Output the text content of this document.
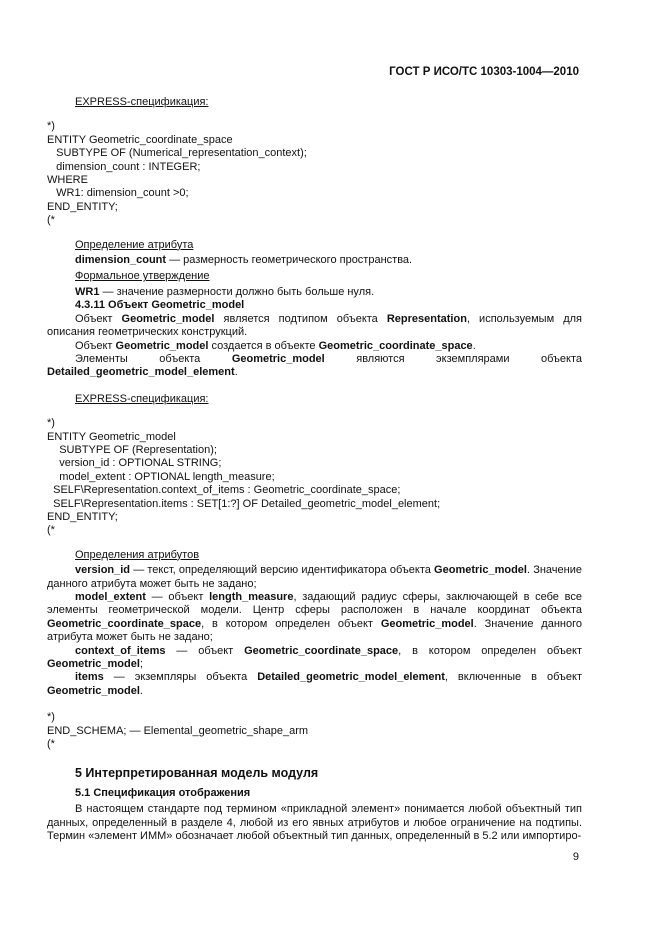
ГОСТ Р ИСО/ТС 10303-1004—2010

EXPRESS-спецификация:

*)

ENTITY Geometric_coordinate_space

SUBTYPE OF (Numerical_representation_context);

dimension_count : INTEGER;

WHERE

WR1: dimension_count >0;

END_ENTITY;

(*

Определение атрибута

dimension_count — размерность геометрического пространства.

Формальное утверждение

WR1 — значение размерности должно быть больше нуля.

4.3.11 Объект Geometric_model

Объект Geometric_model является подтипом объекта Representation, используемым для описания геометрических конструкций.

Объект Geometric_model создается в объекте Geometric_coordinate_space.

Элементы объекта Geometric_model являются экземплярами объекта Detailed_geometric_model_element.

EXPRESS-спецификация:

*)

ENTITY Geometric_model

SUBTYPE OF (Representation);

version_id : OPTIONAL STRING;

model_extent : OPTIONAL length_measure;

SELF\Representation.context_of_items : Geometric_coordinate_space;

SELF\Representation.items : SET[1:?] OF Detailed_geometric_model_element;

END_ENTITY;

(*

Определения атрибутов

version_id — текст, определяющий версию идентификатора объекта Geometric_model. Значение данного атрибута может быть не задано;

model_extent — объект length_measure, задающий радиус сферы, заключающей в себе все элементы геометрической модели. Центр сферы расположен в начале координат объекта Geometric_coordinate_space, в котором определен объект Geometric_model. Значение данного атрибута может быть не задано;

context_of_items — объект Geometric_coordinate_space, в котором определен объект Geometric_model;

items — экземпляры объекта Detailed_geometric_model_element, включенные в объект Geometric_model.

*)

END_SCHEMA; — Elemental_geometric_shape_arm

(*

5 Интерпретированная модель модуля

5.1 Спецификация отображения

В настоящем стандарте под термином «прикладной элемент» понимается любой объектный тип данных, определенный в разделе 4, любой из его явных атрибутов и любое ограничение на подтипы. Термин «элемент ИММ» обозначает любой объектный тип данных, определенный в 5.2 или импортиро-

9
